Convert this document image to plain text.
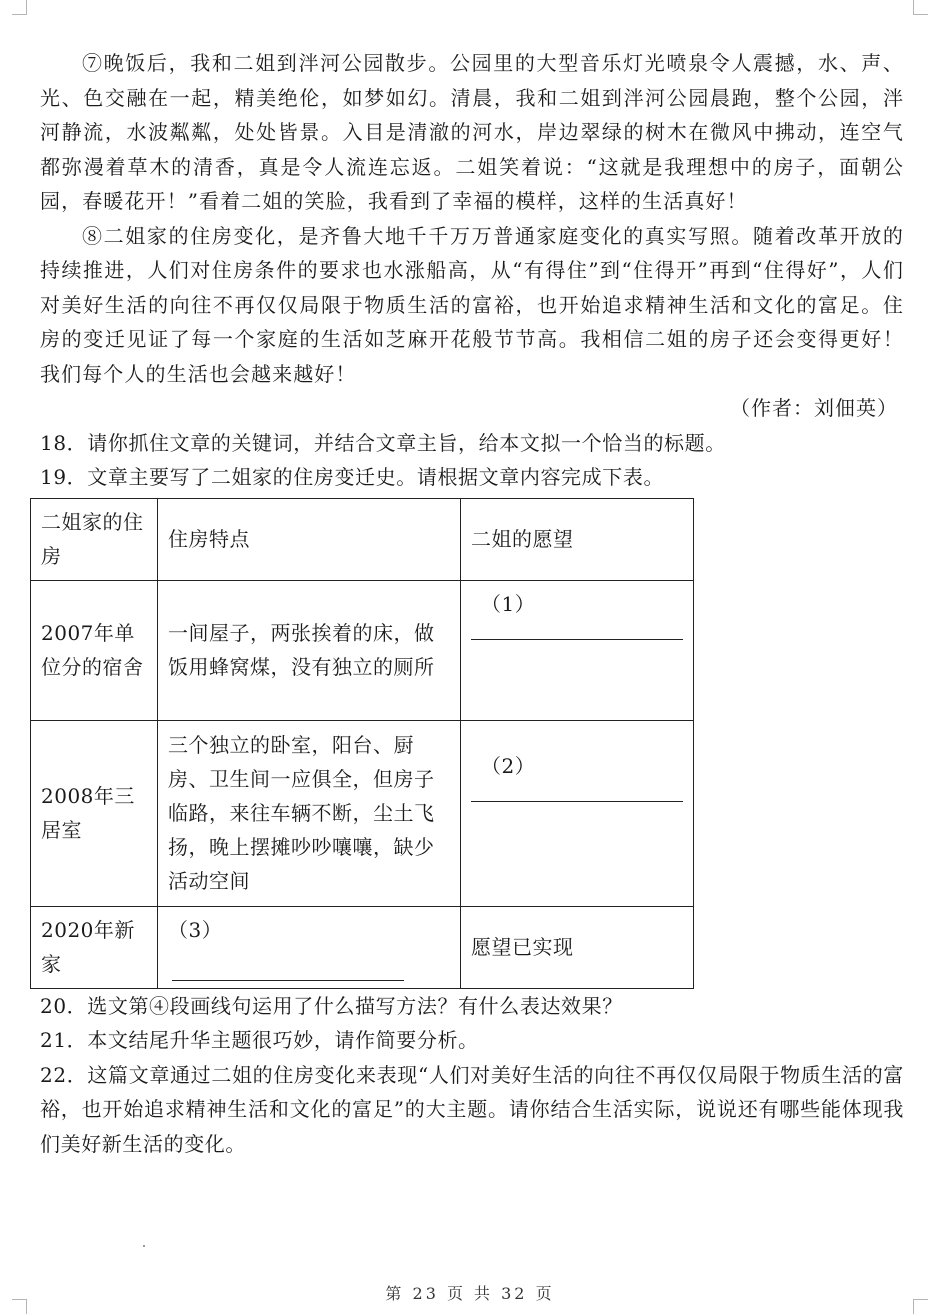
⑦晚饭后，我和二姐到泮河公园散步。公园里的大型音乐灯光喷泉令人震撼，水、声、光、色交融在一起，精美绝伦，如梦如幻。清晨，我和二姐到泮河公园晨跑，整个公园，泮河静流，水波粼粼，处处皆景。入目是清澈的河水，岸边翠绿的树木在微风中拂动，连空气都弥漫着草木的清香，真是令人流连忘返。二姐笑着说：“这就是我理想中的房子，面朝公园，春暖花开！”看着二姐的笑脸，我看到了幸福的模样，这样的生活真好！

⑧二姐家的住房变化，是齐鲁大地千千万万普通家庭变化的真实写照。随着改革开放的持续推进，人们对住房条件的要求也水涨船高，从“有得住”到“住得开”再到“住得好”，人们对美好生活的向往不再仅仅局限于物质生活的富裕，也开始追求精神生活和文化的富足。住房的变迁见证了每一个家庭的生活如芝麻开花般节节高。我相信二姐的房子还会变得更好！我们每个人的生活也会越来越好！

（作者：刘佃英）

18．请你抓住文章的关键词，并结合文章主旨，给本文拟一个恰当的标题。

19．文章主要写了二姐家的住房变迁史。请根据文章内容完成下表。

二姐家的住房	住房特点	二姐的愿望
2007年单位分的宿舍	一间屋子，两张挨着的床，做饭用蜂窝煤，没有独立的厕所	（1）

2008年三居室	三个独立的卧室，阳台、厨房、卫生间一应俱全，但房子临路，来往车辆不断，尘土飞扬，晚上摆摊吵吵嚷嚷，缺少活动空间	（2）

2020年新家	（3）	愿望已实现

20．选文第④段画线句运用了什么描写方法？有什么表达效果？

21．本文结尾升华主题很巧妙，请作简要分析。

22．这篇文章通过二姐的住房变化来表现“人们对美好生活的向往不再仅仅局限于物质生活的富裕，也开始追求精神生活和文化的富足”的大主题。请你结合生活实际，说说还有哪些能体现我们美好新生活的变化。

第 23 页 共 32 页
